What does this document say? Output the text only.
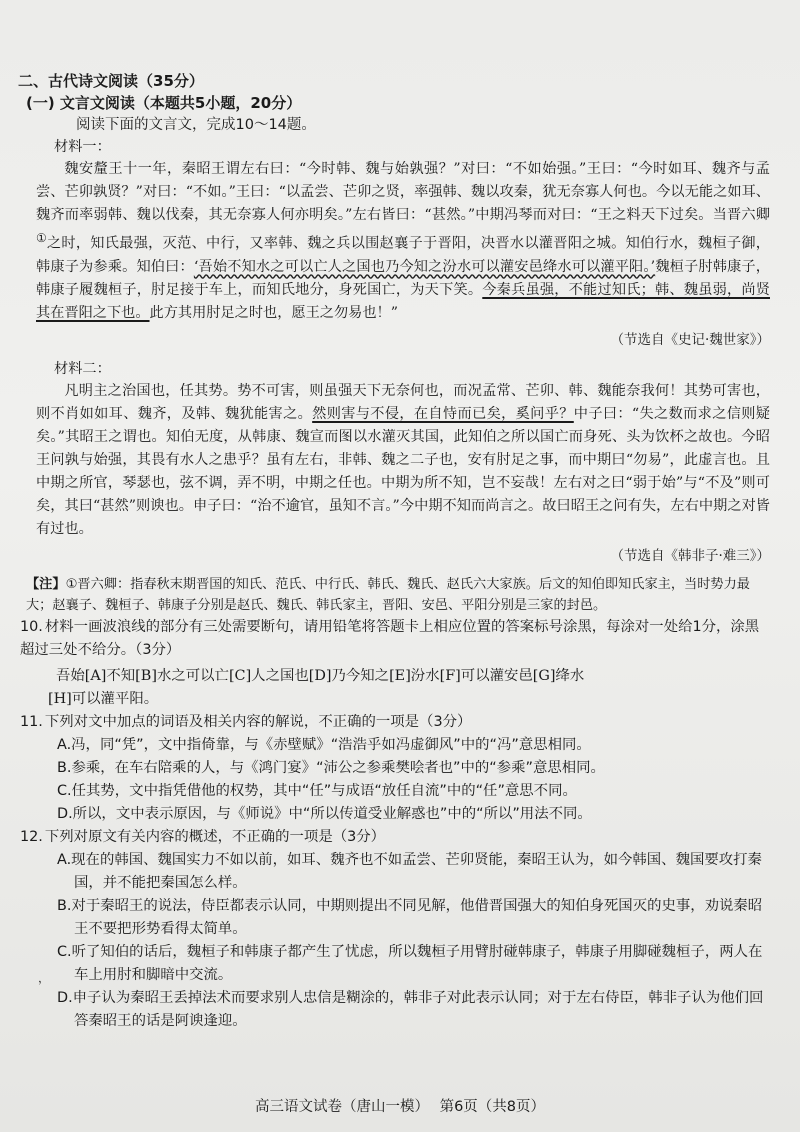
二、古代诗文阅读（35分）
(一) 文言文阅读（本题共5小题，20分）

阅读下面的文言文，完成10～14题。

材料一：

魏安釐王十一年，秦昭王谓左右曰：“今时韩、魏与始孰强？”对曰：“不如始强。”王曰：“今时如耳、魏齐与孟尝、芒卯孰贤？”对曰：“不如。”王曰：“以孟尝、芒卯之贤，率强韩、魏以攻秦，犹无奈寡人何也。今以无能之如耳、魏齐而率弱韩、魏以伐秦，其无奈寡人何亦明矣。”左右皆曰：“甚然。”中期冯琴而对曰：“王之料天下过矣。当晋六卿①之时，知氏最强，灭范、中行，又率韩、魏之兵以围赵襄子于晋阳，决晋水以灌晋阳之城。知伯行水，魏桓子御，韩康子为参乘。知伯曰：‘吾始不知水之可以亡人之国也乃今知之汾水可以灌安邑绛水可以灌平阳。’魏桓子肘韩康子，韩康子履魏桓子，肘足接于车上，而知氏地分，身死国亡，为天下笑。今秦兵虽强，不能过知氏；韩、魏虽弱，尚贤其在晋阳之下也。此方其用肘足之时也，愿王之勿易也！”

（节选自《史记·魏世家》）

材料二：

凡明主之治国也，任其势。势不可害，则虽强天下无奈何也，而况孟常、芒卯、韩、魏能奈我何！其势可害也，则不肖如如耳、魏齐，及韩、魏犹能害之。然则害与不侵，在自恃而已矣，奚问乎？中子曰：“失之数而求之信则疑矣。”其昭王之谓也。知伯无度，从韩康、魏宣而图以水灌灭其国，此知伯之所以国亡而身死、头为饮杯之故也。今昭王问孰与始强，其畏有水人之患乎？虽有左右，非韩、魏之二子也，安有肘足之事，而中期曰“勿易”，此虚言也。且中期之所官，琴瑟也，弦不调，弄不明，中期之任也。中期为所不知，岂不妄哉！左右对之曰“弱于始”与“不及”则可矣，其曰“甚然”则谀也。申子曰：“治不逾官，虽知不言。”今中期不知而尚言之。故曰昭王之问有失，左右中期之对皆有过也。

（节选自《韩非子·难三》）

【注】①晋六卿：指春秋末期晋国的知氏、范氏、中行氏、韩氏、魏氏、赵氏六大家族。后文的知伯即知氏家主，当时势力最大；赵襄子、魏桓子、韩康子分别是赵氏、魏氏、韩氏家主，晋阳、安邑、平阳分别是三家的封邑。

10. 材料一画波浪线的部分有三处需要断句，请用铅笔将答题卡上相应位置的答案标号涂黑，每涂对一处给1分，涂黑超过三处不给分。（3分）

吾始[A]不知[B]水之可以亡[C]人之国也[D]乃今知之[E]汾水[F]可以灌安邑[G]绛水

[H]可以灌平阳。

11. 下列对文中加点的词语及相关内容的解说，不正确的一项是（3分）

A.冯，同“凭”，文中指倚靠，与《赤壁赋》“浩浩乎如冯虚御风”中的“冯”意思相同。

B.参乘，在车右陪乘的人，与《鸿门宴》“沛公之参乘樊哙者也”中的“参乘”意思相同。

C.任其势，文中指凭借他的权势，其中“任”与成语“放任自流”中的“任”意思不同。

D.所以，文中表示原因，与《师说》中“所以传道受业解惑也”中的“所以”用法不同。

12. 下列对原文有关内容的概述，不正确的一项是（3分）

A.现在的韩国、魏国实力不如以前，如耳、魏齐也不如孟尝、芒卯贤能，秦昭王认为，如今韩国、魏国要攻打秦国，并不能把秦国怎么样。

B.对于秦昭王的说法，侍臣都表示认同，中期则提出不同见解，他借晋国强大的知伯身死国灭的史事，劝说秦昭王不要把形势看得太简单。

C.听了知伯的话后，魏桓子和韩康子都产生了忧虑，所以魏桓子用臂肘碰韩康子，韩康子用脚碰魏桓子，两人在车上用肘和脚暗中交流。

D.申子认为秦昭王丢掉法术而要求别人忠信是糊涂的，韩非子对此表示认同；对于左右侍臣，韩非子认为他们回答秦昭王的话是阿谀逢迎。

，
高三语文试卷（唐山一模） 第6页（共8页）
